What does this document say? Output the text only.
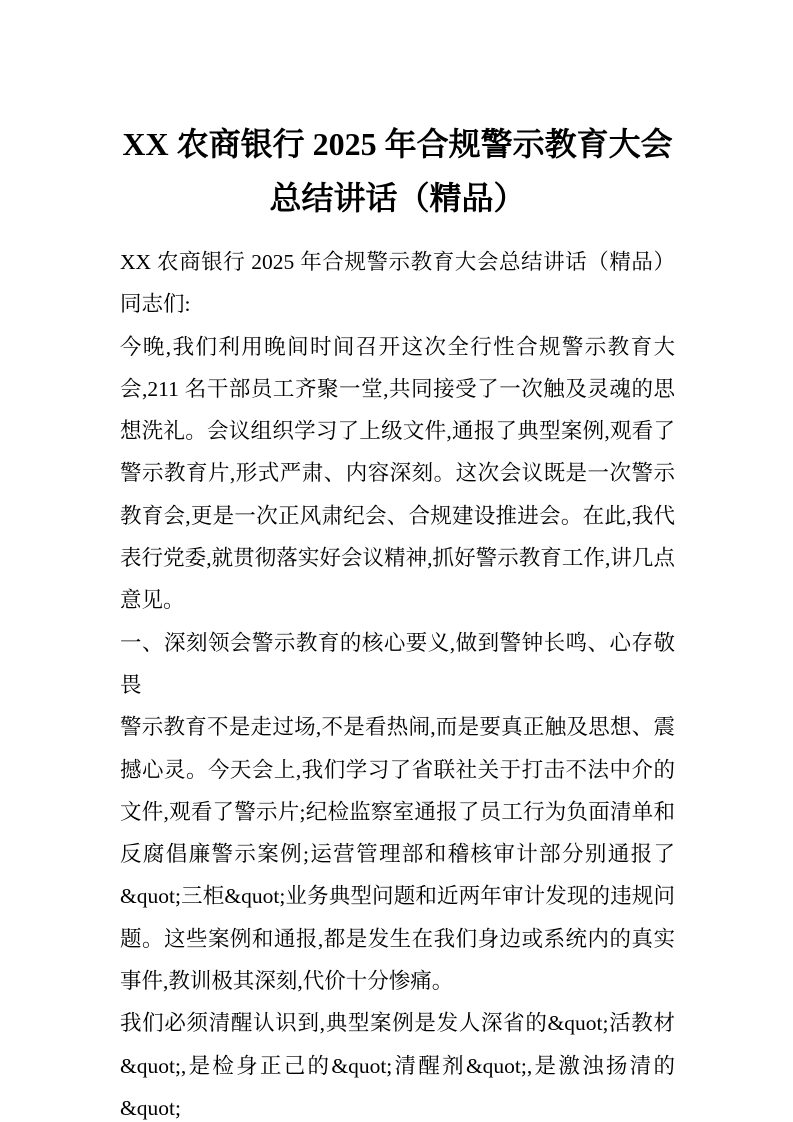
XX 农商银行 2025 年合规警示教育大会总结讲话（精品）

XX 农商银行 2025 年合规警示教育大会总结讲话（精品）同志们:

今晚,我们利用晚间时间召开这次全行性合规警示教育大会,211 名干部员工齐聚一堂,共同接受了一次触及灵魂的思想洗礼。会议组织学习了上级文件,通报了典型案例,观看了警示教育片,形式严肃、内容深刻。这次会议既是一次警示教育会,更是一次正风肃纪会、合规建设推进会。在此,我代表行党委,就贯彻落实好会议精神,抓好警示教育工作,讲几点意见。

一、深刻领会警示教育的核心要义,做到警钟长鸣、心存敬畏

警示教育不是走过场,不是看热闹,而是要真正触及思想、震撼心灵。今天会上,我们学习了省联社关于打击不法中介的文件,观看了警示片;纪检监察室通报了员工行为负面清单和反腐倡廉警示案例;运营管理部和稽核审计部分别通报了&quot;三柜&quot;业务典型问题和近两年审计发现的违规问题。这些案例和通报,都是发生在我们身边或系统内的真实事件,教训极其深刻,代价十分惨痛。

我们必须清醒认识到,典型案例是发人深省的&quot;活教材&quot;,是检身正己的&quot;清醒剂&quot;,是激浊扬清的&quot;
